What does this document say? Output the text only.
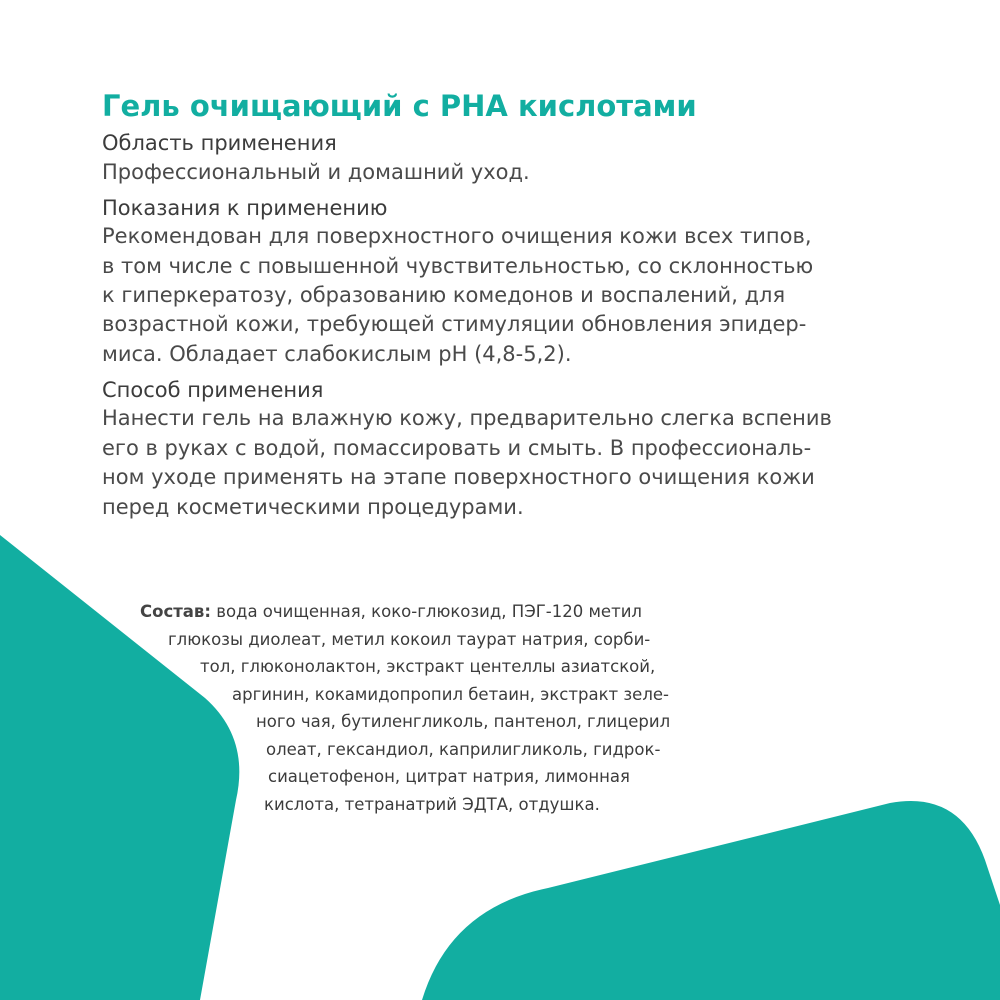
Гель очищающий с PHA кислотами
Область применения
Профессиональный и домашний уход.
Показания к применению
Рекомендован для поверхностного очищения кожи всех типов,
в том числе с повышенной чувствительностью, со склонностью
к гиперкератозу, образованию комедонов и воспалений, для
возрастной кожи, требующей стимуляции обновления эпидер-
миса. Обладает слабокислым pH (4,8-5,2).
Способ применения
Нанести гель на влажную кожу, предварительно слегка вспенив
его в руках с водой, помассировать и смыть. В профессиональ-
ном уходе применять на этапе поверхностного очищения кожи
перед косметическими процедурами.
Состав: вода очищенная, коко-глюкозид, ПЭГ-120 метил
глюкозы диолеат, метил кокоил таурат натрия, сорби-
тол, глюконолактон, экстракт центеллы азиатской,
аргинин, кокамидопропил бетаин, экстракт зеле-
ного чая, бутиленгликоль, пантенол, глицерил
олеат, гександиол, каприлигликоль, гидрок-
сиацетофенон, цитрат натрия, лимонная
кислота, тетранатрий ЭДТА, отдушка.
